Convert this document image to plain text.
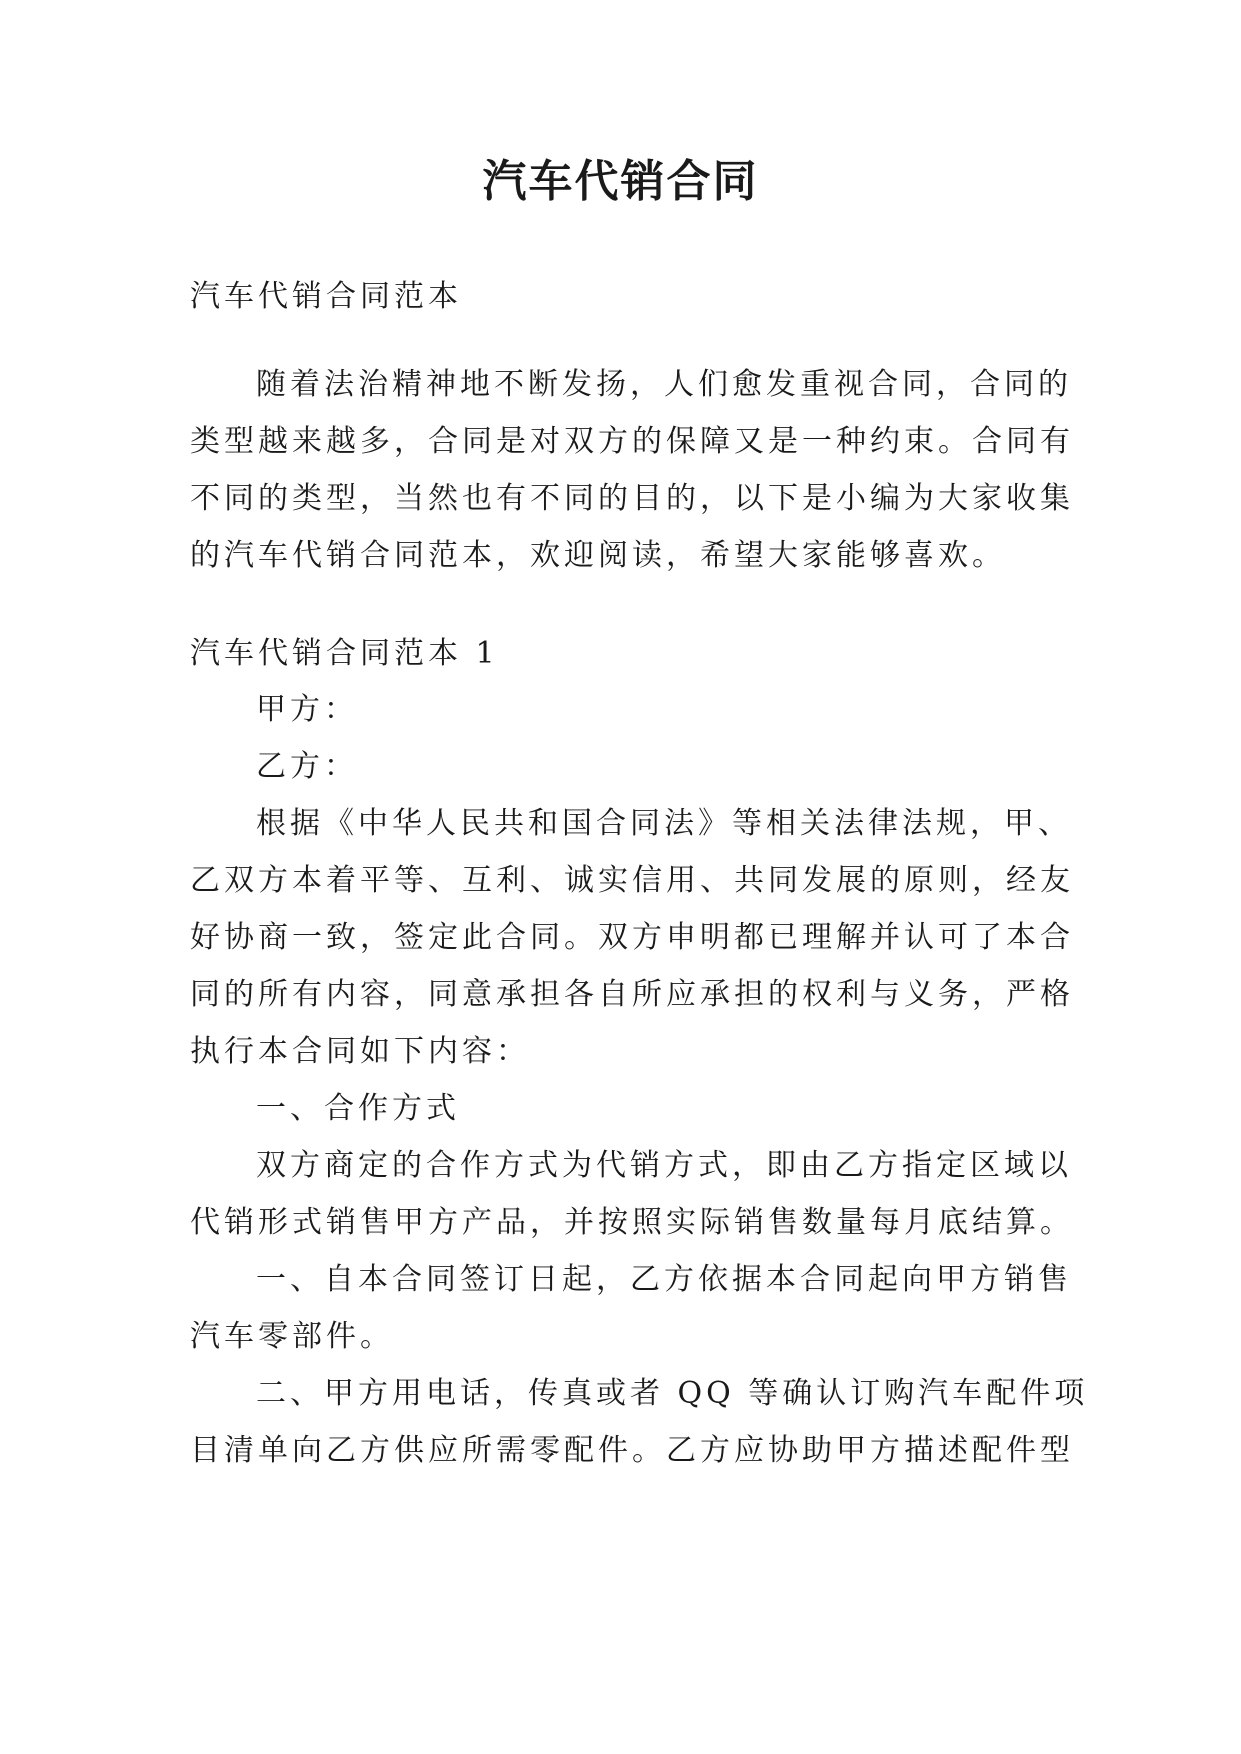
汽车代销合同

汽车代销合同范本

随着法治精神地不断发扬，人们愈发重视合同，合同的

类型越来越多，合同是对双方的保障又是一种约束。合同有

不同的类型，当然也有不同的目的，以下是小编为大家收集

的汽车代销合同范本，欢迎阅读，希望大家能够喜欢。

汽车代销合同范本 1

甲方：

乙方：

根据《中华人民共和国合同法》等相关法律法规，甲、

乙双方本着平等、互利、诚实信用、共同发展的原则，经友

好协商一致，签定此合同。双方申明都已理解并认可了本合

同的所有内容，同意承担各自所应承担的权利与义务，严格

执行本合同如下内容：

一、合作方式

双方商定的合作方式为代销方式，即由乙方指定区域以

代销形式销售甲方产品，并按照实际销售数量每月底结算。

一、自本合同签订日起，乙方依据本合同起向甲方销售

汽车零部件。

二、甲方用电话，传真或者 QQ 等确认订购汽车配件项

目清单向乙方供应所需零配件。乙方应协助甲方描述配件型
